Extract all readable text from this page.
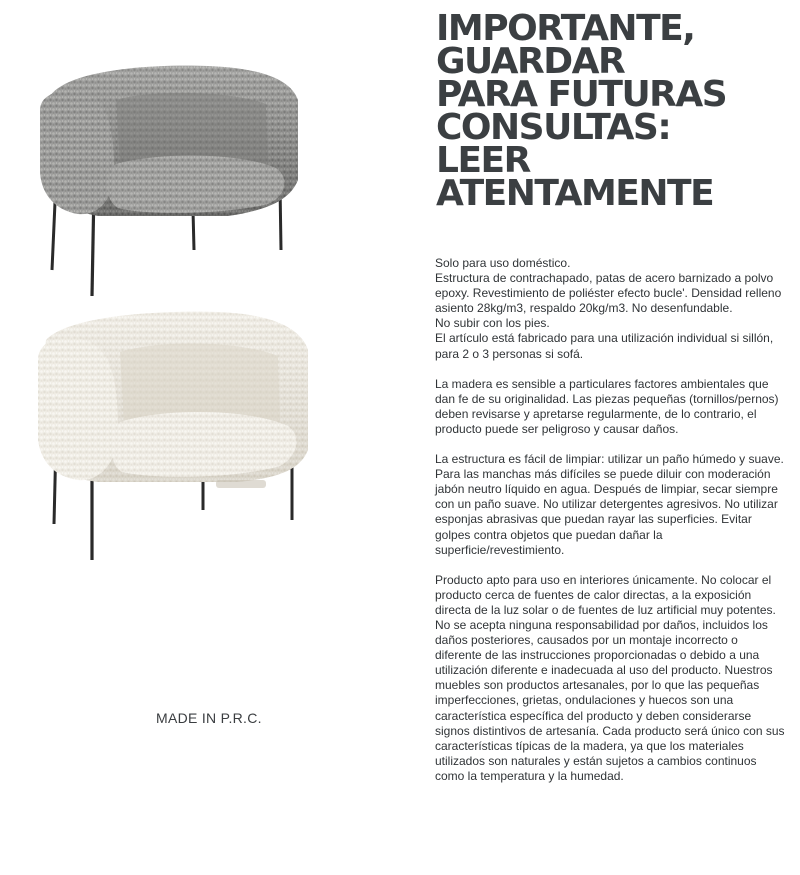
MADE IN P.R.C.

IMPORTANTE,
GUARDAR
PARA FUTURAS
CONSULTAS:
LEER
ATENTAMENTE

Solo para uso doméstico.
Estructura de contrachapado, patas de acero barnizado a polvo epoxy. Revestimiento de poliéster efecto bucle'. Densidad relleno asiento 28kg/m3, respaldo 20kg/m3. No desenfundable.
No subir con los pies.
El artículo está fabricado para una utilización individual si sillón, para 2 o 3 personas si sofá.

La madera es sensible a particulares factores ambientales que dan fe de su originalidad. Las piezas pequeñas (tornillos/pernos) deben revisarse y apretarse regularmente, de lo contrario, el producto puede ser peligroso y causar daños.

La estructura es fácil de limpiar: utilizar un paño húmedo y suave. Para las manchas más difíciles se puede diluir con moderación jabón neutro líquido en agua. Después de limpiar, secar siempre con un paño suave. No utilizar detergentes agresivos. No utilizar esponjas abrasivas que puedan rayar las superficies. Evitar golpes contra objetos que puedan dañar la superficie/revestimiento.

Producto apto para uso en interiores únicamente. No colocar el producto cerca de fuentes de calor directas, a la exposición directa de la luz solar o de fuentes de luz artificial muy potentes.
No se acepta ninguna responsabilidad por daños, incluidos los daños posteriores, causados por un montaje incorrecto o diferente de las instrucciones proporcionadas o debido a una utilización diferente e inadecuada al uso del producto. Nuestros muebles son productos artesanales, por lo que las pequeñas imperfecciones, grietas, ondulaciones y huecos son una característica específica del producto y deben considerarse signos distintivos de artesanía. Cada producto será único con sus características típicas de la madera, ya que los materiales utilizados son naturales y están sujetos a cambios continuos como la temperatura y la humedad.
